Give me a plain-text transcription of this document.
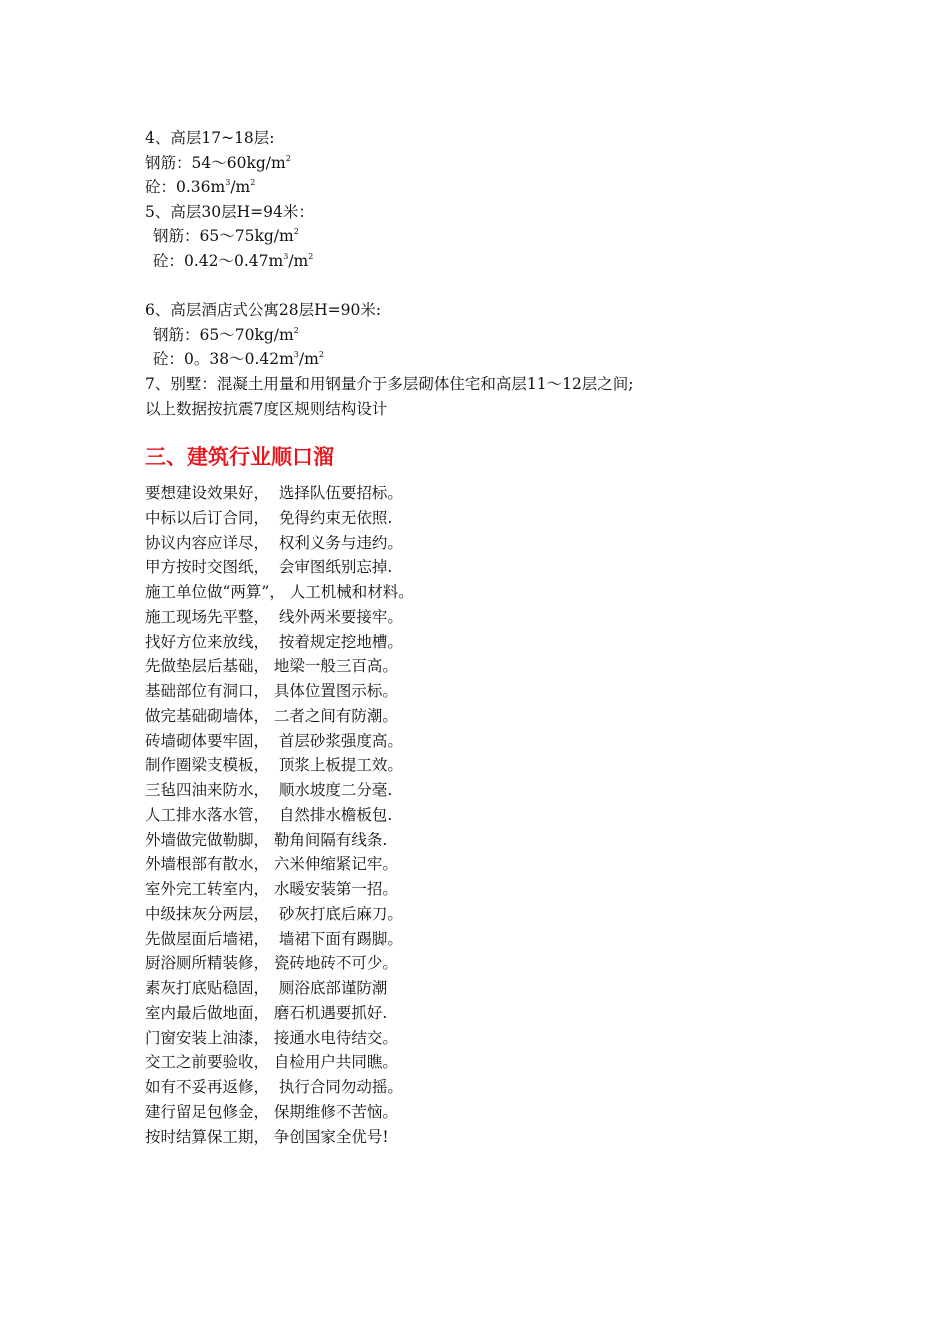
4、高层17~18层:
钢筋：$54\sim 60kg/m^2$
砼：$0.36m^3/m^2$
5、高层30层H=94米：
钢筋：$65\sim 75kg/m^2$
砼：$0.42\sim 0.47m^3/m^2$
6、高层酒店式公寓28层H=90米:
钢筋：$65\sim 70kg/m^2$
砼：0。$38\sim 0.42m^3/m^2$
7、别墅：混凝土用量和用钢量介于多层砌体住宅和高层11～12层之间;
以上数据按抗震7度区规则结构设计
三、建筑行业顺口溜
要想建设效果好，  选择队伍要招标。
中标以后订合同，  免得约束无依照.
协议内容应详尽，  权利义务与违约。
甲方按时交图纸，  会审图纸别忘掉.
施工单位做“两算”， 人工机械和材料。
施工现场先平整，  线外两米要接牢。
找好方位来放线，  按着规定挖地槽。
先做垫层后基础， 地梁一般三百高。
基础部位有洞口， 具体位置图示标。
做完基础砌墙体， 二者之间有防潮。
砖墙砌体要牢固，  首层砂浆强度高。
制作圈梁支模板，  顶浆上板提工效。
三毡四油来防水，  顺水坡度二分毫.
人工排水落水管，  自然排水檐板包.
外墙做完做勒脚， 勒角间隔有线条.
外墙根部有散水， 六米伸缩紧记牢。
室外完工转室内， 水暖安装第一招。
中级抹灰分两层，  砂灰打底后麻刀。
先做屋面后墙裙，  墙裙下面有踢脚。
厨浴厕所精装修， 瓷砖地砖不可少。
素灰打底贴稳固，  厕浴底部谨防潮
室内最后做地面， 磨石机遇要抓好.
门窗安装上油漆， 接通水电待结交。
交工之前要验收， 自检用户共同瞧。
如有不妥再返修，  执行合同勿动摇。
建行留足包修金， 保期维修不苦恼。
按时结算保工期， 争创国家全优号!
